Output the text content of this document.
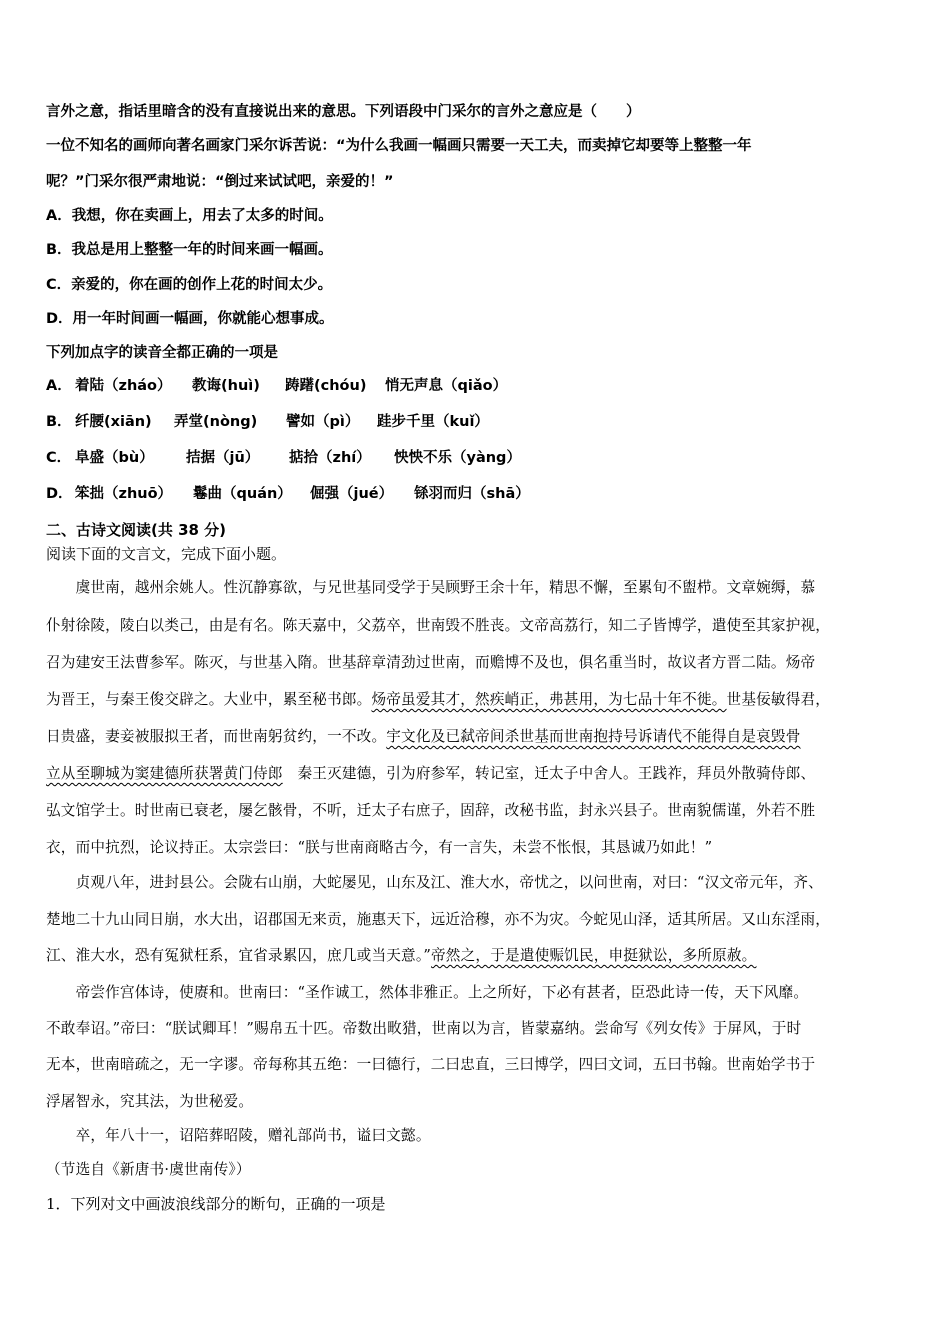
言外之意，指话里暗含的没有直接说出来的意思。下列语段中门采尔的言外之意应是（　　）
一位不知名的画师向著名画家门采尔诉苦说：“为什么我画一幅画只需要一天工夫，而卖掉它却要等上整整一年
呢？”门采尔很严肃地说：“倒过来试试吧，亲爱的！”
A．我想，你在卖画上，用去了太多的时间。
B．我总是用上整整一年的时间来画一幅画。
C．亲爱的，你在画的创作上花的时间太少。
D．用一年时间画一幅画，你就能心想事成。
下列加点字的读音全都正确的一项是
A． 着陆（zháo） 教诲(huì) 踌躇(chóu) 悄无声息（qiǎo）
B． 纤腰(xiān) 弄堂(nòng) 譬如（pì） 跬步千里（kuǐ）
C． 阜盛（bù） 拮据（jū） 掂拾（zhí） 怏怏不乐（yàng）
D． 笨拙（zhuō） 鬈曲（quán） 倔强（jué） 铩羽而归（shā）
二、古诗文阅读(共 38 分)
阅读下面的文言文，完成下面小题。
　　虞世南，越州余姚人。性沉静寡欲，与兄世基同受学于吴顾野王余十年，精思不懈，至累旬不盥栉。文章婉缛，慕
仆射徐陵，陵白以类己，由是有名。陈天嘉中，父荔卒，世南毁不胜丧。文帝高荔行，知二子皆博学，遣使至其家护视，
召为建安王法曹参军。陈灭，与世基入隋。世基辞章清劲过世南，而赡博不及也，俱名重当时，故议者方晋二陆。炀帝
为晋王，与秦王俊交辟之。大业中，累至秘书郎。炀帝虽爱其才，然疾峭正，弗甚用，为七品十年不徙。世基佞敏得君，
日贵盛，妻妾被服拟王者，而世南躬贫约，一不改。宇文化及已弑帝间杀世基而世南抱持号诉请代不能得自是哀毁骨
立从至聊城为窦建德所获署黄门侍郎　秦王灭建德，引为府参军，转记室，迁太子中舍人。王践祚，拜员外散骑侍郎、
弘文馆学士。时世南已衰老，屡乞骸骨，不听，迁太子右庶子，固辞，改秘书监，封永兴县子。世南貌儒谨，外若不胜
衣，而中抗烈，论议持正。太宗尝曰：“朕与世南商略古今，有一言失，未尝不怅恨，其恳诚乃如此！”
　　贞观八年，进封县公。会陇右山崩，大蛇屡见，山东及江、淮大水，帝忧之，以问世南，对曰：“汉文帝元年，齐、
楚地二十九山同日崩，水大出，诏郡国无来贡，施惠天下，远近洽穆，亦不为灾。今蛇见山泽，适其所居。又山东淫雨，
江、淮大水，恐有冤狱枉系，宜省录累囚，庶几或当天意。”帝然之，于是遣使赈饥民，申挺狱讼，多所原赦。
　　帝尝作宫体诗，使赓和。世南曰：“圣作诚工，然体非雅正。上之所好，下必有甚者，臣恐此诗一传，天下风靡。
不敢奉诏。”帝曰：“朕试卿耳！”赐帛五十匹。帝数出畋猎，世南以为言，皆蒙嘉纳。尝命写《列女传》于屏风，于时
无本，世南暗疏之，无一字谬。帝每称其五绝：一曰德行，二曰忠直，三曰博学，四曰文词，五曰书翰。世南始学书于
浮屠智永，究其法，为世秘爱。
　　卒，年八十一，诏陪葬昭陵，赠礼部尚书，谥曰文懿。
（节选自《新唐书·虞世南传》）
1．下列对文中画波浪线部分的断句，正确的一项是
